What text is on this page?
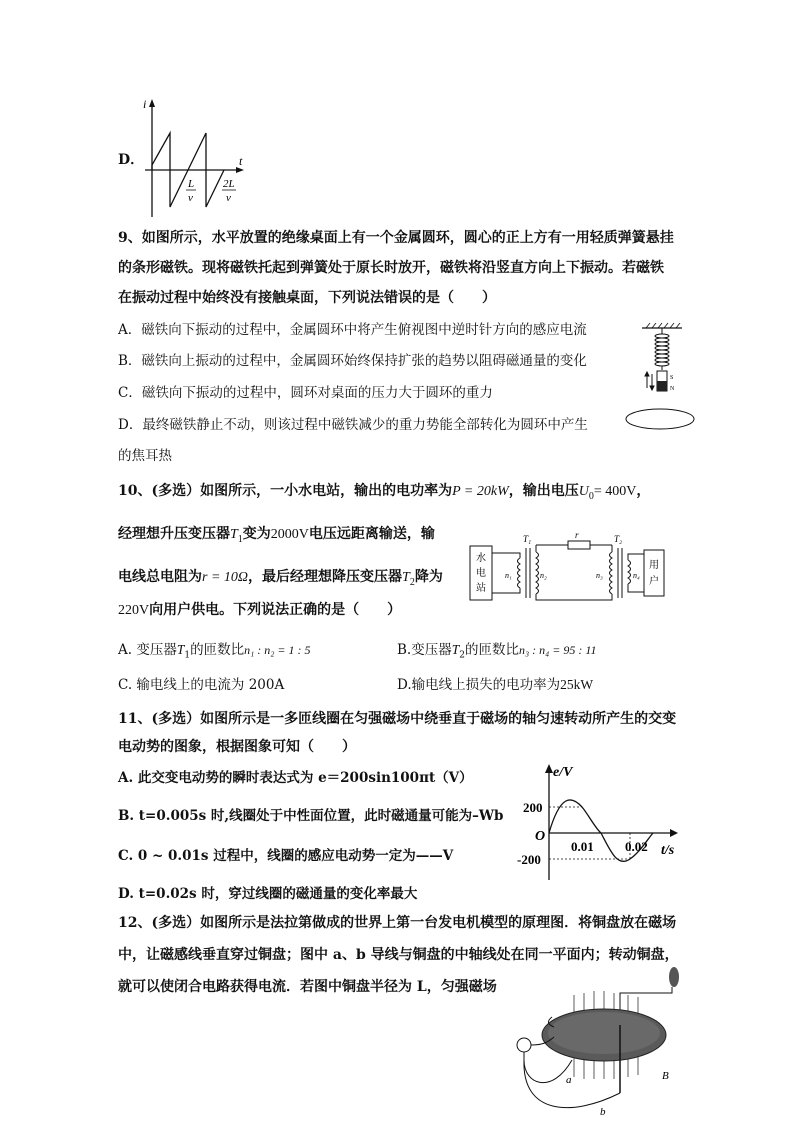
D．
i
t
L
v
2L
v
9、如图所示，水平放置的绝缘桌面上有一个金属圆环，圆心的正上方有一用轻质弹簧悬挂
的条形磁铁。现将磁铁托起到弹簧处于原长时放开，磁铁将沿竖直方向上下振动。若磁铁
在振动过程中始终没有接触桌面，下列说法错误的是（　　）
A．磁铁向下振动的过程中，金属圆环中将产生俯视图中逆时针方向的感应电流
B．磁铁向上振动的过程中，金属圆环始终保持扩张的趋势以阻碍磁通量的变化
C．磁铁向下振动的过程中，圆环对桌面的压力大于圆环的重力
D．最终磁铁静止不动，则该过程中磁铁减少的重力势能全部转化为圆环中产生
的焦耳热
S
N
10、(多选）如图所示，一小水电站，输出的电功率为P = 20kW，输出电压$U_0= 400V$，
经理想升压变压器$T_1$变为2000V电压远距离输送，输
电线总电阻为r = 10Ω，最后经理想降压变压器$T_2$降为
220V向用户供电。下列说法正确的是（　　）
A. 变压器$T_1$的匝数比n₁ : n₂ = 1 : 5	B.变压器$T_2$的匝数比n₃ : n₄ = 95 : 11
C. 输电线上的电流为 200A	D.输电线上损失的电功率为25kW
水
电
站
T₁
n₁	n₂
r	T₂
n₃	n₄
用
户
11、(多选）如图所示是一多匝线圈在匀强磁场中绕垂直于磁场的轴匀速转动所产生的交变
电动势的图象，根据图象可知（　　）
A. 此交变电动势的瞬时表达式为 e＝200sin100πt（V）
B. t=0.005s 时,线圈处于中性面位置，此时磁通量可能为–Wb
C. 0 ~ 0.01s 过程中，线圈的感应电动势一定为——V
D. t=0.02s 时，穿过线圈的磁通量的变化率最大
e/V
t/s
200
-200
O
0.01 0.02
12、(多选）如图所示是法拉第做成的世界上第一台发电机模型的原理图．将铜盘放在磁场
中，让磁感线垂直穿过铜盘；图中 a、b 导线与铜盘的中轴线处在同一平面内；转动铜盘，
就可以使闭合电路获得电流．若图中铜盘半径为 L，匀强磁场
a
b
B
